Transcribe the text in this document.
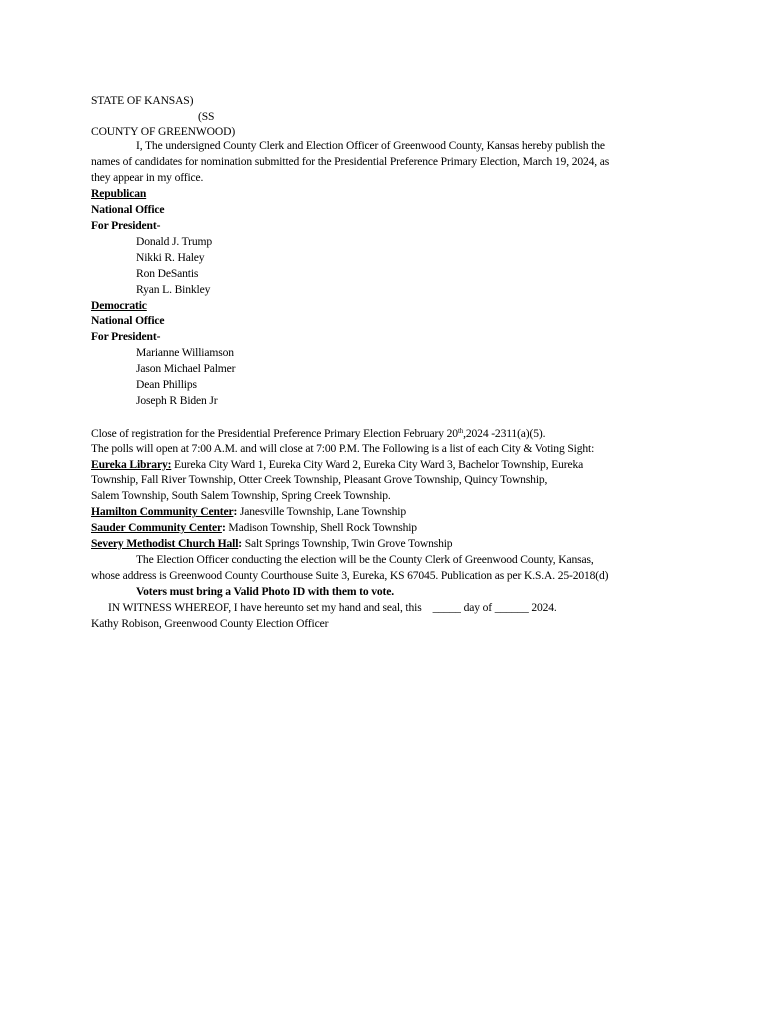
STATE OF KANSAS)
(SS
COUNTY OF GREENWOOD)
I, The undersigned County Clerk and Election Officer of Greenwood County, Kansas hereby publish the
names of candidates for nomination submitted for the Presidential Preference Primary Election, March 19, 2024, as
they appear in my office.
Republican
National Office
For President-
Donald J. Trump
Nikki R. Haley
Ron DeSantis
Ryan L. Binkley
Democratic
National Office
For President-
Marianne Williamson
Jason Michael Palmer
Dean Phillips
Joseph R Biden Jr
Close of registration for the Presidential Preference Primary Election February 20th,2024 -2311(a)(5).
The polls will open at 7:00 A.M. and will close at 7:00 P.M. The Following is a list of each City & Voting Sight:
Eureka Library: Eureka City Ward 1, Eureka City Ward 2, Eureka City Ward 3, Bachelor Township, Eureka
Township, Fall River Township, Otter Creek Township, Pleasant Grove Township, Quincy Township,
Salem Township, South Salem Township, Spring Creek Township.
Hamilton Community Center: Janesville Township, Lane Township
Sauder Community Center: Madison Township, Shell Rock Township
Severy Methodist Church Hall: Salt Springs Township, Twin Grove Township
The Election Officer conducting the election will be the County Clerk of Greenwood County, Kansas,
whose address is Greenwood County Courthouse Suite 3, Eureka, KS 67045. Publication as per K.S.A. 25-2018(d)
Voters must bring a Valid Photo ID with them to vote.
IN WITNESS WHEREOF, I have hereunto set my hand and seal, this    _____ day of ______ 2024.
Kathy Robison, Greenwood County Election Officer
